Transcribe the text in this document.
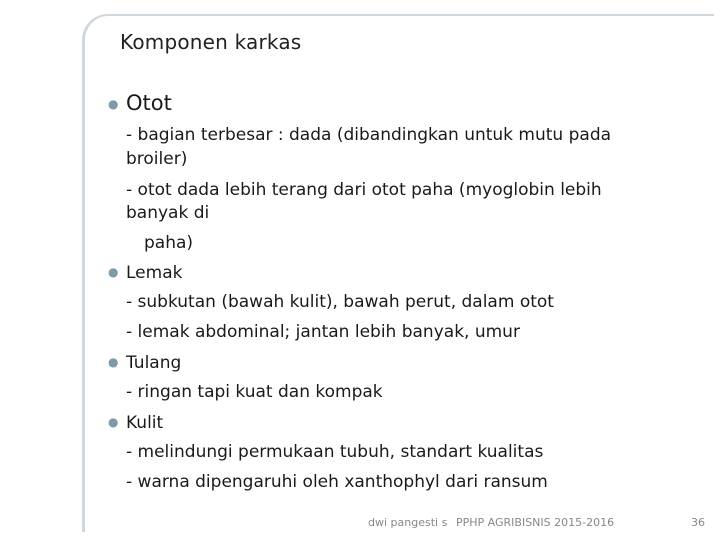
Komponen karkas
● Otot
- bagian terbesar : dada (dibandingkan untuk mutu pada
broiler)
- otot dada lebih terang dari otot paha (myoglobin lebih
banyak di
paha)
● Lemak
- subkutan (bawah kulit), bawah perut, dalam otot
- lemak abdominal; jantan lebih banyak, umur
● Tulang
- ringan tapi kuat dan kompak
● Kulit
- melindungi permukaan tubuh, standart kualitas
- warna dipengaruhi oleh xanthophyl dari ransum
dwi pangesti s PPHP AGRIBISNIS 2015-2016	36
